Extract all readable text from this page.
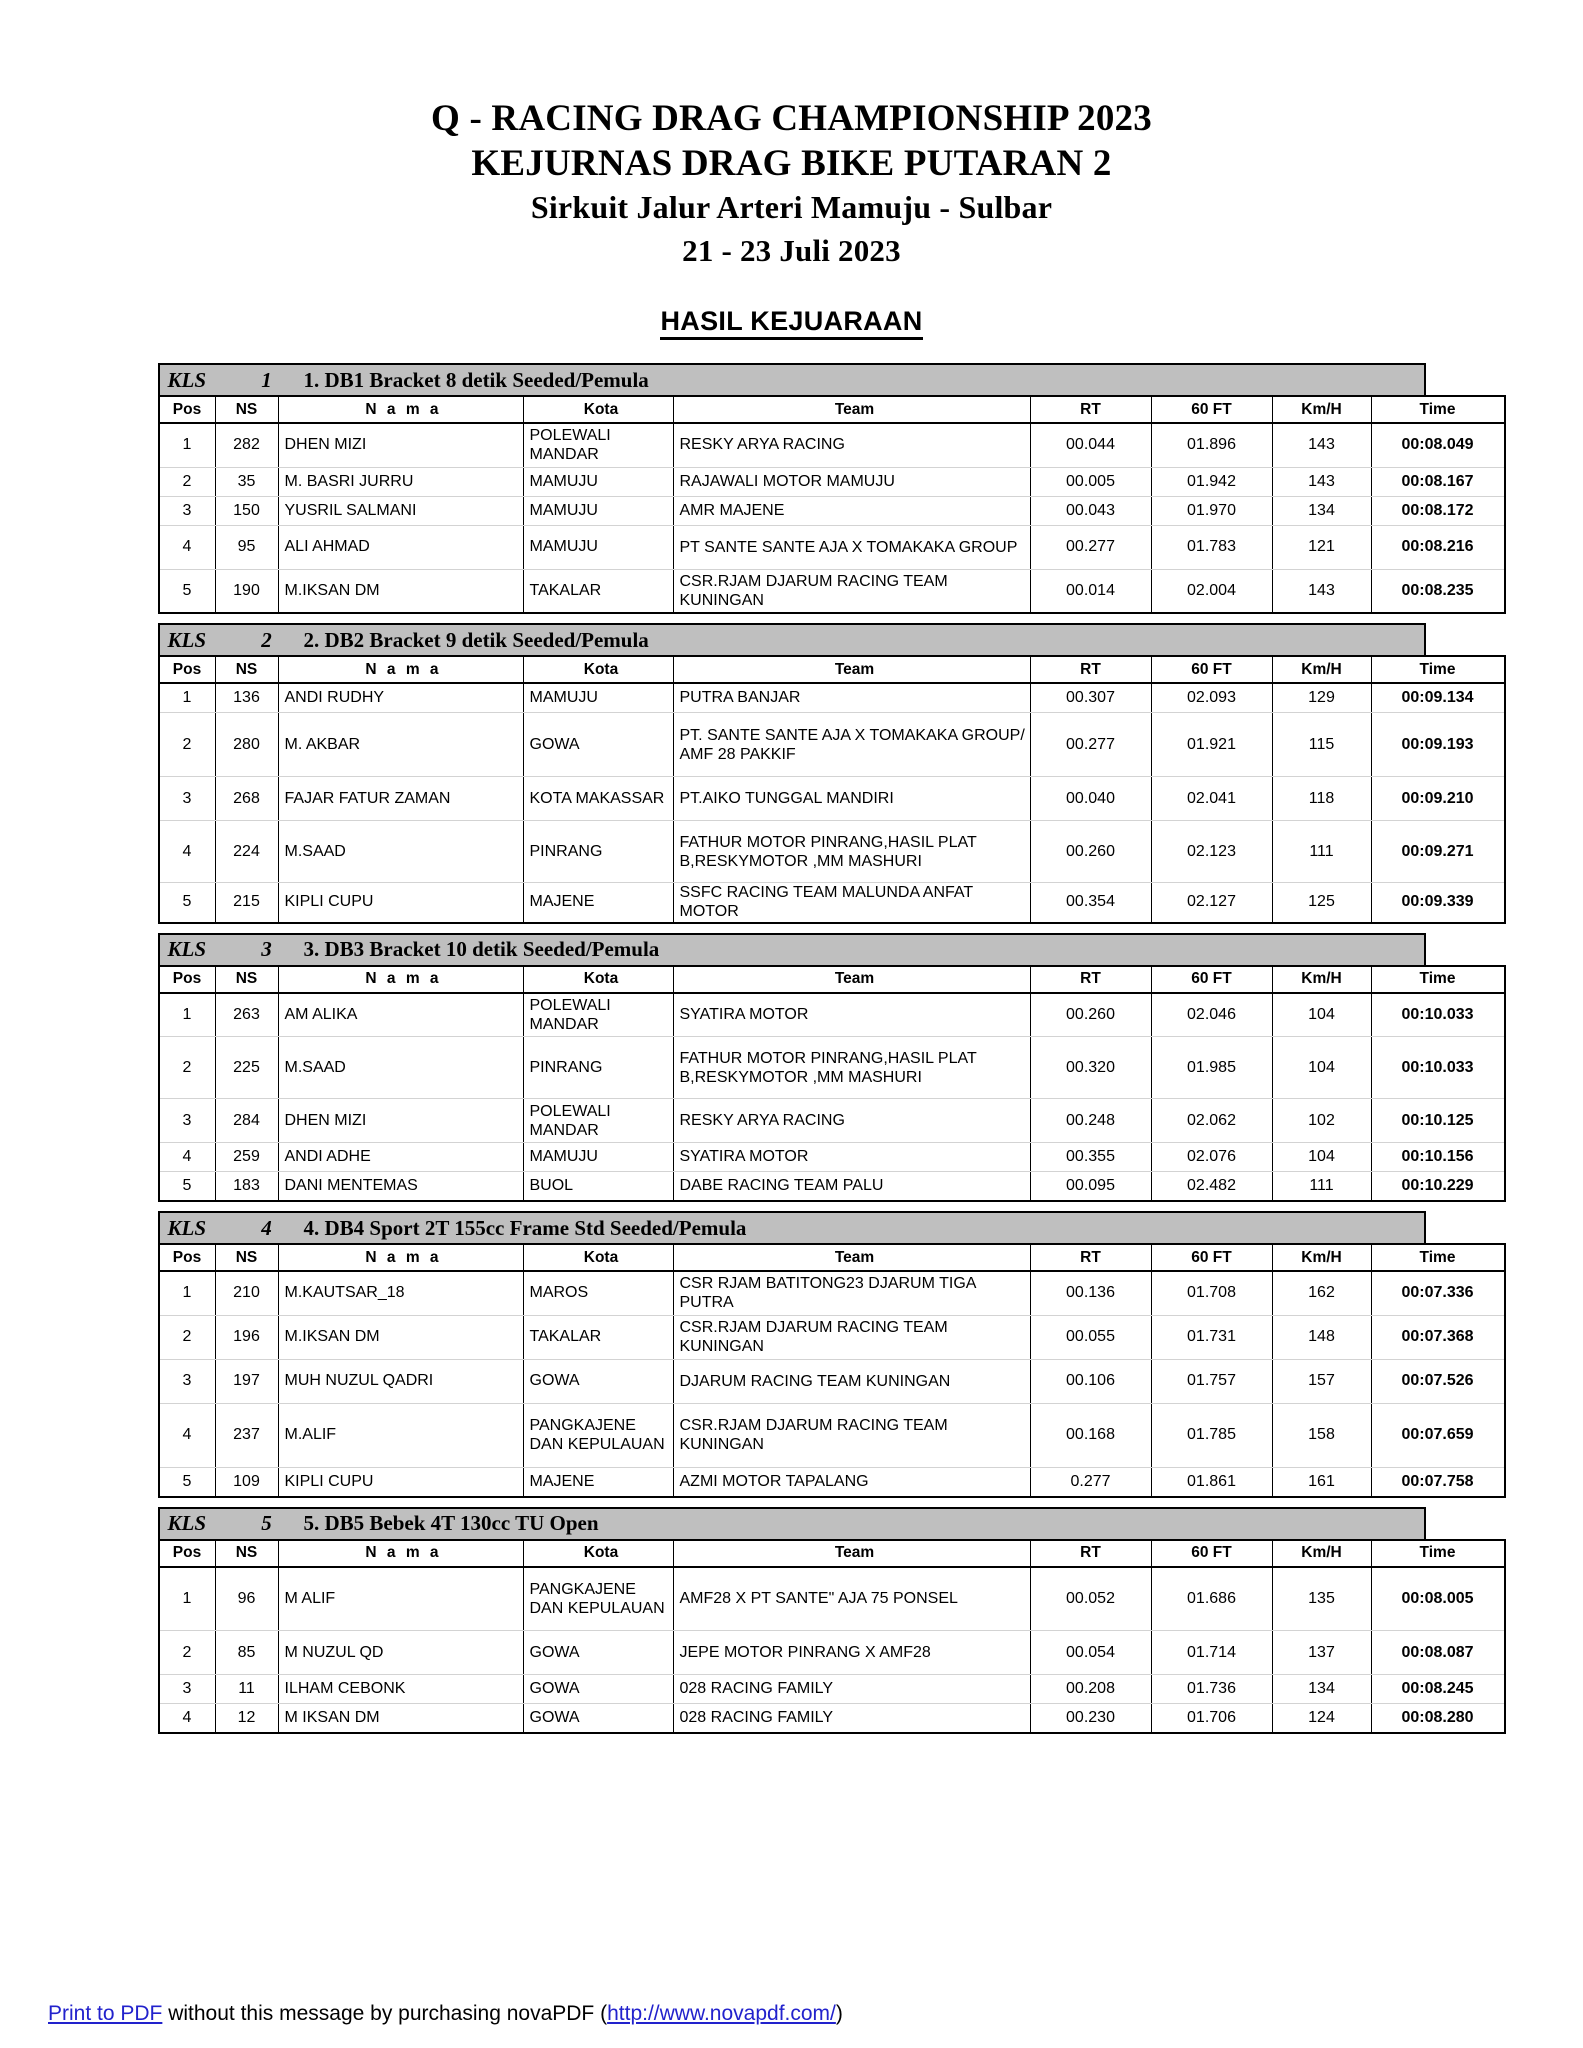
Q - RACING DRAG CHAMPIONSHIP 2023
KEJURNAS DRAG BIKE PUTARAN 2
Sirkuit Jalur Arteri Mamuju - Sulbar
21 - 23 Juli 2023
HASIL KEJUARAAN
KLS	1	1. DB1 Bracket 8 detik Seeded/Pemula
Pos	NS	N a m a	Kota	Team	RT	60 FT	Km/H	Time
1	282	DHEN MIZI	POLEWALI MANDAR	RESKY ARYA RACING	00.044	01.896	143	00:08.049
2	35	M. BASRI JURRU	MAMUJU	RAJAWALI MOTOR MAMUJU	00.005	01.942	143	00:08.167
3	150	YUSRIL SALMANI	MAMUJU	AMR MAJENE	00.043	01.970	134	00:08.172
4	95	ALI AHMAD	MAMUJU	PT SANTE SANTE AJA X TOMAKAKA GROUP	00.277	01.783	121	00:08.216
5	190	M.IKSAN DM	TAKALAR	CSR.RJAM DJARUM RACING TEAM KUNINGAN	00.014	02.004	143	00:08.235
KLS	2	2. DB2 Bracket 9 detik Seeded/Pemula
Pos	NS	N a m a	Kota	Team	RT	60 FT	Km/H	Time
1	136	ANDI RUDHY	MAMUJU	PUTRA BANJAR	00.307	02.093	129	00:09.134
2	280	M. AKBAR	GOWA	PT. SANTE SANTE AJA X TOMAKAKA GROUP/ AMF 28 PAKKIF	00.277	01.921	115	00:09.193
3	268	FAJAR FATUR ZAMAN	KOTA MAKASSAR	PT.AIKO TUNGGAL MANDIRI	00.040	02.041	118	00:09.210
4	224	M.SAAD	PINRANG	FATHUR MOTOR PINRANG,HASIL PLAT B,RESKYMOTOR ,MM MASHURI	00.260	02.123	111	00:09.271
5	215	KIPLI CUPU	MAJENE	SSFC RACING TEAM MALUNDA ANFAT MOTOR	00.354	02.127	125	00:09.339
KLS	3	3. DB3 Bracket 10 detik Seeded/Pemula
Pos	NS	N a m a	Kota	Team	RT	60 FT	Km/H	Time
1	263	AM ALIKA	POLEWALI MANDAR	SYATIRA MOTOR	00.260	02.046	104	00:10.033
2	225	M.SAAD	PINRANG	FATHUR MOTOR PINRANG,HASIL PLAT B,RESKYMOTOR ,MM MASHURI	00.320	01.985	104	00:10.033
3	284	DHEN MIZI	POLEWALI MANDAR	RESKY ARYA RACING	00.248	02.062	102	00:10.125
4	259	ANDI ADHE	MAMUJU	SYATIRA MOTOR	00.355	02.076	104	00:10.156
5	183	DANI MENTEMAS	BUOL	DABE RACING TEAM PALU	00.095	02.482	111	00:10.229
KLS	4	4. DB4 Sport 2T 155cc Frame Std Seeded/Pemula
Pos	NS	N a m a	Kota	Team	RT	60 FT	Km/H	Time
1	210	M.KAUTSAR_18	MAROS	CSR RJAM BATITONG23 DJARUM TIGA PUTRA	00.136	01.708	162	00:07.336
2	196	M.IKSAN DM	TAKALAR	CSR.RJAM DJARUM RACING TEAM KUNINGAN	00.055	01.731	148	00:07.368
3	197	MUH NUZUL QADRI	GOWA	DJARUM RACING TEAM KUNINGAN	00.106	01.757	157	00:07.526
4	237	M.ALIF	PANGKAJENE DAN KEPULAUAN	CSR.RJAM DJARUM RACING TEAM KUNINGAN	00.168	01.785	158	00:07.659
5	109	KIPLI CUPU	MAJENE	AZMI MOTOR TAPALANG	0.277	01.861	161	00:07.758
KLS	5	5. DB5 Bebek 4T 130cc TU Open
Pos	NS	N a m a	Kota	Team	RT	60 FT	Km/H	Time
1	96	M ALIF	PANGKAJENE DAN KEPULAUAN	AMF28 X PT SANTE" AJA 75 PONSEL	00.052	01.686	135	00:08.005
2	85	M NUZUL QD	GOWA	JEPE MOTOR PINRANG X AMF28	00.054	01.714	137	00:08.087
3	11	ILHAM CEBONK	GOWA	028 RACING FAMILY	00.208	01.736	134	00:08.245
4	12	M IKSAN DM	GOWA	028 RACING FAMILY	00.230	01.706	124	00:08.280
Print to PDF without this message by purchasing novaPDF (http://www.novapdf.com/)
